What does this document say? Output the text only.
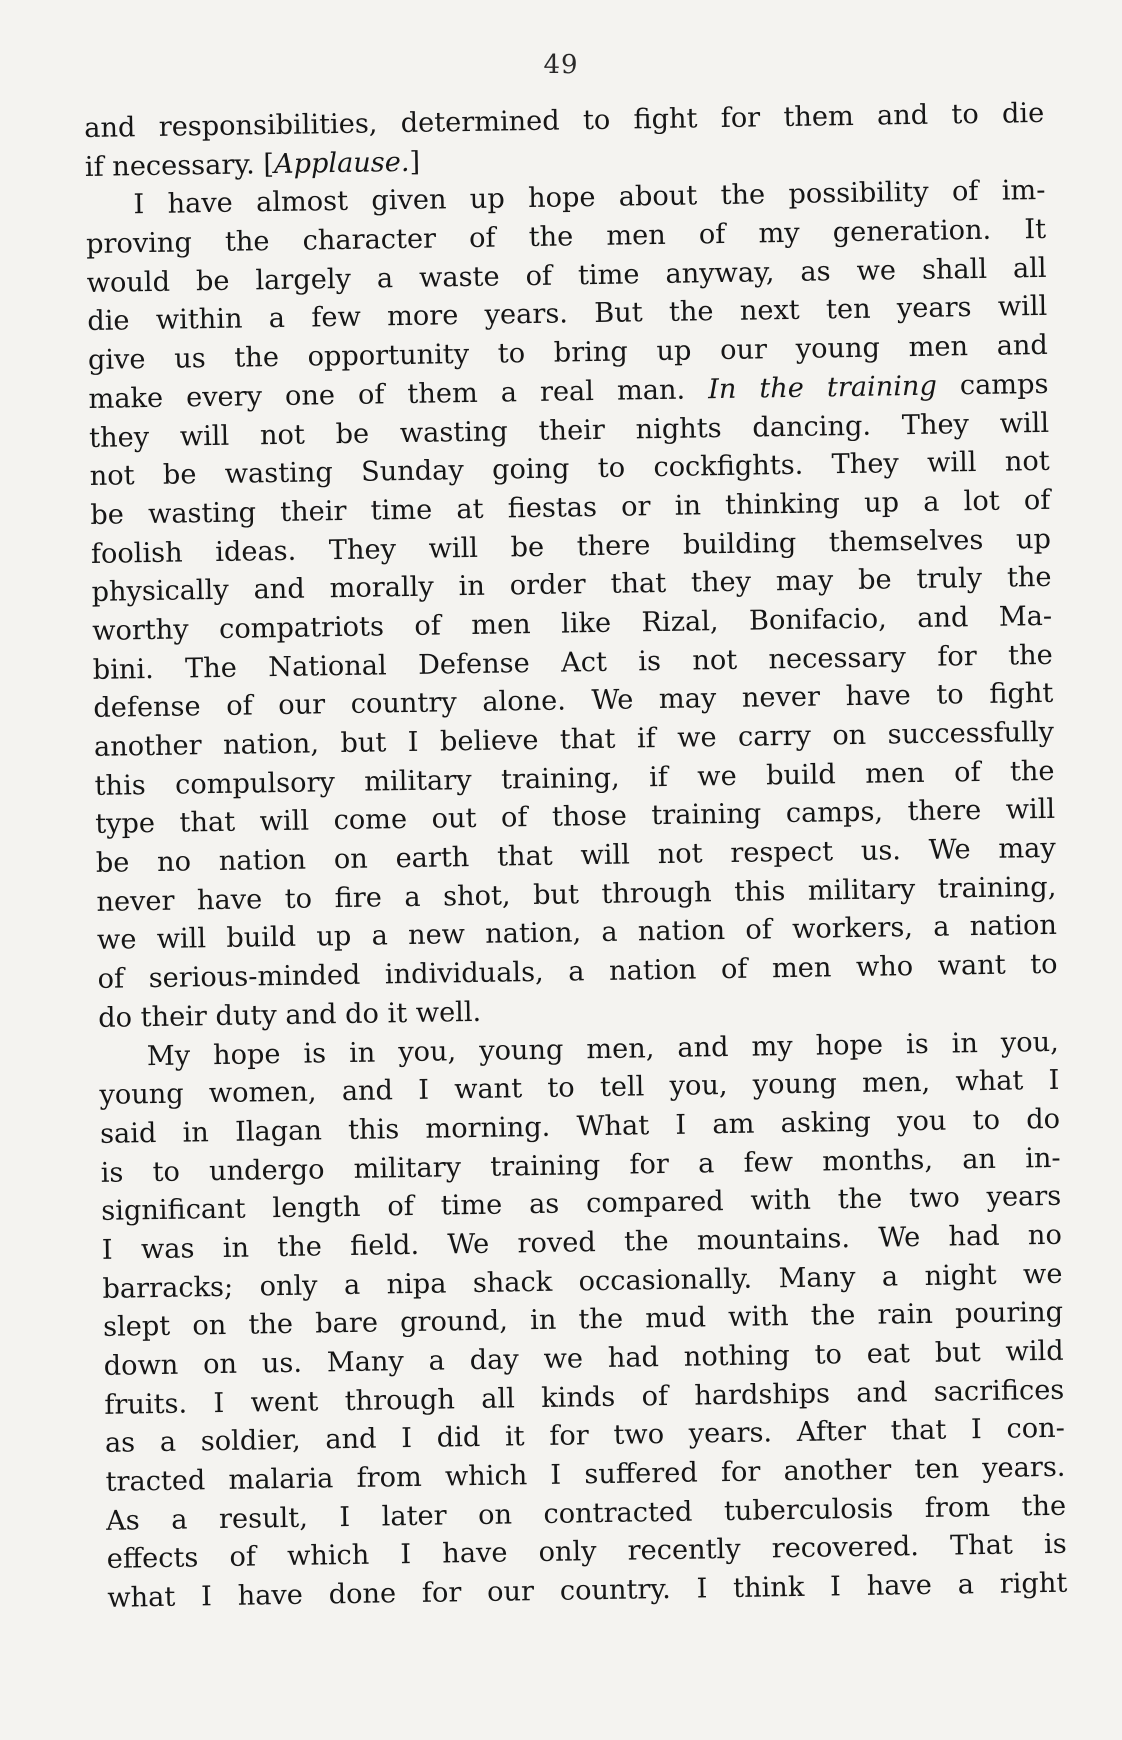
49
and responsibilities, determined to fight for them and to die
if necessary. [Applause.]
I have almost given up hope about the possibility of im-
proving the character of the men of my generation. It
would be largely a waste of time anyway, as we shall all
die within a few more years. But the next ten years will
give us the opportunity to bring up our young men and
make every one of them a real man. In the training camps
they will not be wasting their nights dancing. They will
not be wasting Sunday going to cockfights. They will not
be wasting their time at fiestas or in thinking up a lot of
foolish ideas. They will be there building themselves up
physically and morally in order that they may be truly the
worthy compatriots of men like Rizal, Bonifacio, and Ma-
bini. The National Defense Act is not necessary for the
defense of our country alone. We may never have to fight
another nation, but I believe that if we carry on successfully
this compulsory military training, if we build men of the
type that will come out of those training camps, there will
be no nation on earth that will not respect us. We may
never have to fire a shot, but through this military training,
we will build up a new nation, a nation of workers, a nation
of serious-minded individuals, a nation of men who want to
do their duty and do it well.
My hope is in you, young men, and my hope is in you,
young women, and I want to tell you, young men, what I
said in Ilagan this morning. What I am asking you to do
is to undergo military training for a few months, an in-
significant length of time as compared with the two years
I was in the field. We roved the mountains. We had no
barracks; only a nipa shack occasionally. Many a night we
slept on the bare ground, in the mud with the rain pouring
down on us. Many a day we had nothing to eat but wild
fruits. I went through all kinds of hardships and sacrifices
as a soldier, and I did it for two years. After that I con-
tracted malaria from which I suffered for another ten years.
As a result, I later on contracted tuberculosis from the
effects of which I have only recently recovered. That is
what I have done for our country. I think I have a right
